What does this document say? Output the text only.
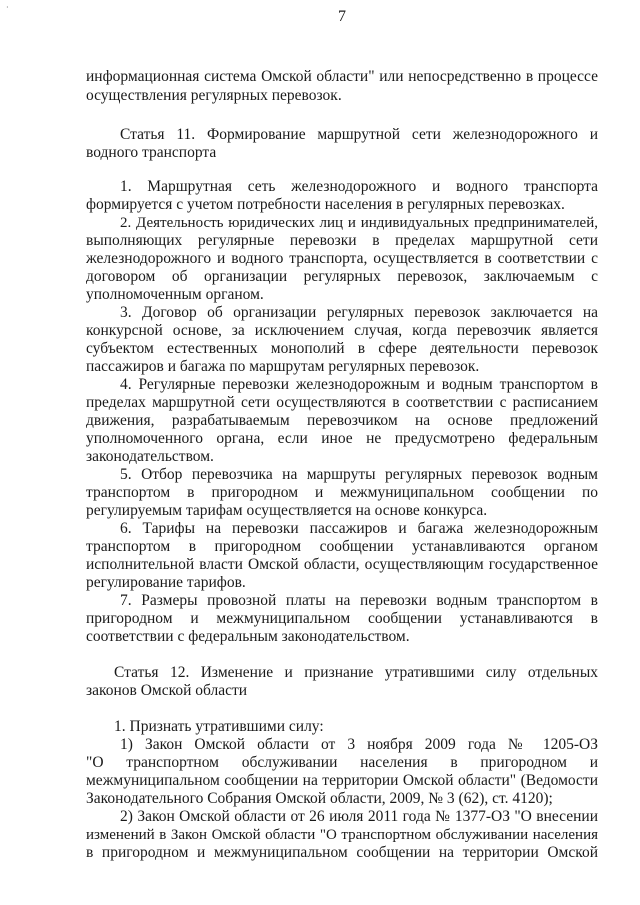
·
7
информационная система Омской области" или непосредственно в процессе
осуществления регулярных перевозок.
Статья 11. Формирование маршрутной сети железнодорожного и
водного транспорта
1. Маршрутная сеть железнодорожного и водного транспорта
формируется с учетом потребности населения в регулярных перевозках.
2. Деятельность юридических лиц и индивидуальных предпринимателей,
выполняющих регулярные перевозки в пределах маршрутной сети
железнодорожного и водного транспорта, осуществляется в соответствии с
договором об организации регулярных перевозок, заключаемым с
уполномоченным органом.
3. Договор об организации регулярных перевозок заключается на
конкурсной основе, за исключением случая, когда перевозчик является
субъектом естественных монополий в сфере деятельности перевозок
пассажиров и багажа по маршрутам регулярных перевозок.
4. Регулярные перевозки железнодорожным и водным транспортом в
пределах маршрутной сети осуществляются в соответствии с расписанием
движения, разрабатываемым перевозчиком на основе предложений
уполномоченного органа, если иное не предусмотрено федеральным
законодательством.
5. Отбор перевозчика на маршруты регулярных перевозок водным
транспортом в пригородном и межмуниципальном сообщении по
регулируемым тарифам осуществляется на основе конкурса.
6. Тарифы на перевозки пассажиров и багажа железнодорожным
транспортом в пригородном сообщении устанавливаются органом
исполнительной власти Омской области, осуществляющим государственное
регулирование тарифов.
7. Размеры провозной платы на перевозки водным транспортом в
пригородном и межмуниципальном сообщении устанавливаются в
соответствии с федеральным законодательством.
Статья 12. Изменение и признание утратившими силу отдельных
законов Омской области
1. Признать утратившими силу:
1) Закон Омской области от 3 ноября 2009 года № 1205-ОЗ
"О транспортном обслуживании населения в пригородном и
межмуниципальном сообщении на территории Омской области" (Ведомости
Законодательного Собрания Омской области, 2009, № 3 (62), ст. 4120);
2) Закон Омской области от 26 июля 2011 года № 1377-ОЗ "О внесении
изменений в Закон Омской области "О транспортном обслуживании населения
в пригородном и межмуниципальном сообщении на территории Омской
